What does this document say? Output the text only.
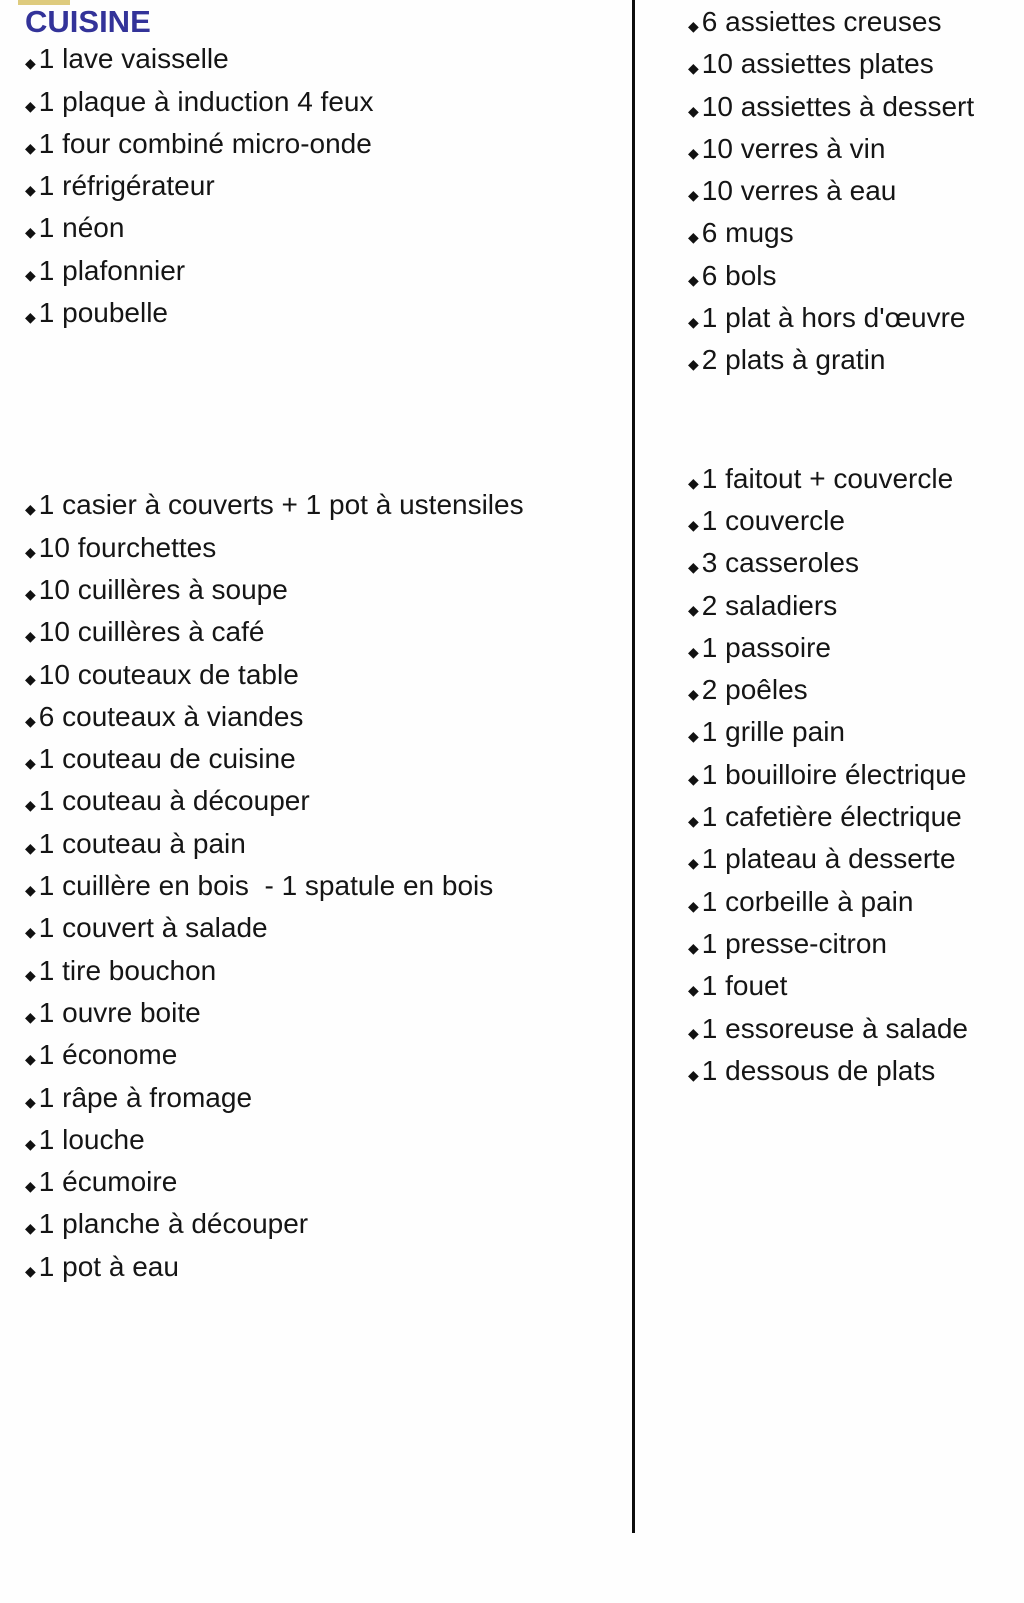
CUISINE
◆ 1 lave vaisselle
◆ 1 plaque à induction 4 feux
◆ 1 four combiné micro-onde
◆ 1 réfrigérateur
◆ 1 néon
◆ 1 plafonnier
◆ 1 poubelle
◆ 1 casier à couverts + 1 pot à ustensiles
◆ 10 fourchettes
◆ 10 cuillères à soupe
◆ 10 cuillères à café
◆ 10 couteaux de table
◆ 6 couteaux à viandes
◆ 1 couteau de cuisine
◆ 1 couteau à découper
◆ 1 couteau à pain
◆ 1 cuillère en bois  - 1 spatule en bois
◆ 1 couvert à salade
◆ 1 tire bouchon
◆ 1 ouvre boite
◆ 1 économe
◆ 1 râpe à fromage
◆ 1 louche
◆ 1 écumoire
◆ 1 planche à découper
◆ 1 pot à eau
◆ 6 assiettes creuses
◆ 10 assiettes plates
◆ 10 assiettes à dessert
◆ 10 verres à vin
◆ 10 verres à eau
◆ 6 mugs
◆ 6 bols
◆ 1 plat à hors d'œuvre
◆ 2 plats à gratin
◆ 1 faitout + couvercle
◆ 1 couvercle
◆ 3 casseroles
◆ 2 saladiers
◆ 1 passoire
◆ 2 poêles
◆ 1 grille pain
◆ 1 bouilloire électrique
◆ 1 cafetière électrique
◆ 1 plateau à desserte
◆ 1 corbeille à pain
◆ 1 presse-citron
◆ 1 fouet
◆ 1 essoreuse à salade
◆ 1 dessous de plats
